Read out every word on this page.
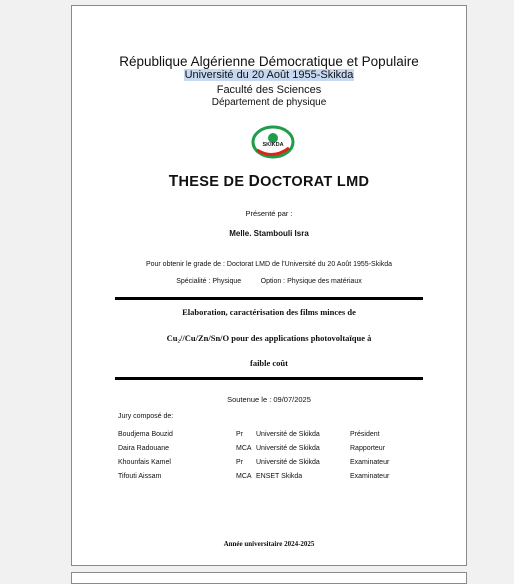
République Algérienne Démocratique et Populaire
Université du 20 Août 1955-Skikda
Faculté des Sciences
Département de physique
SKIKDA
THESE DE DOCTORAT LMD
Présenté par :
Melle. Stambouli Isra
Pour obtenir le grade de : Doctorat LMD de l'Université du 20 Août 1955-Skikda
Spécialité : Physique          Option : Physique des matériaux
Elaboration, caractérisation des films minces de
Cu₂//Cu/Zn/Sn/O pour des applications photovoltaïque à
faible coût
Soutenue le : 09/07/2025
Jury composé de:
Boudjema Bouzid	Pr Université de Skikda	Président
Daira Radouane	MCA Université de Skikda	Rapporteur
Khounfais Kamel	Pr Université de Skikda	Examinateur
Tifouti Aissam	MCA ENSET Skikda	Examinateur
Année universitaire 2024-2025
